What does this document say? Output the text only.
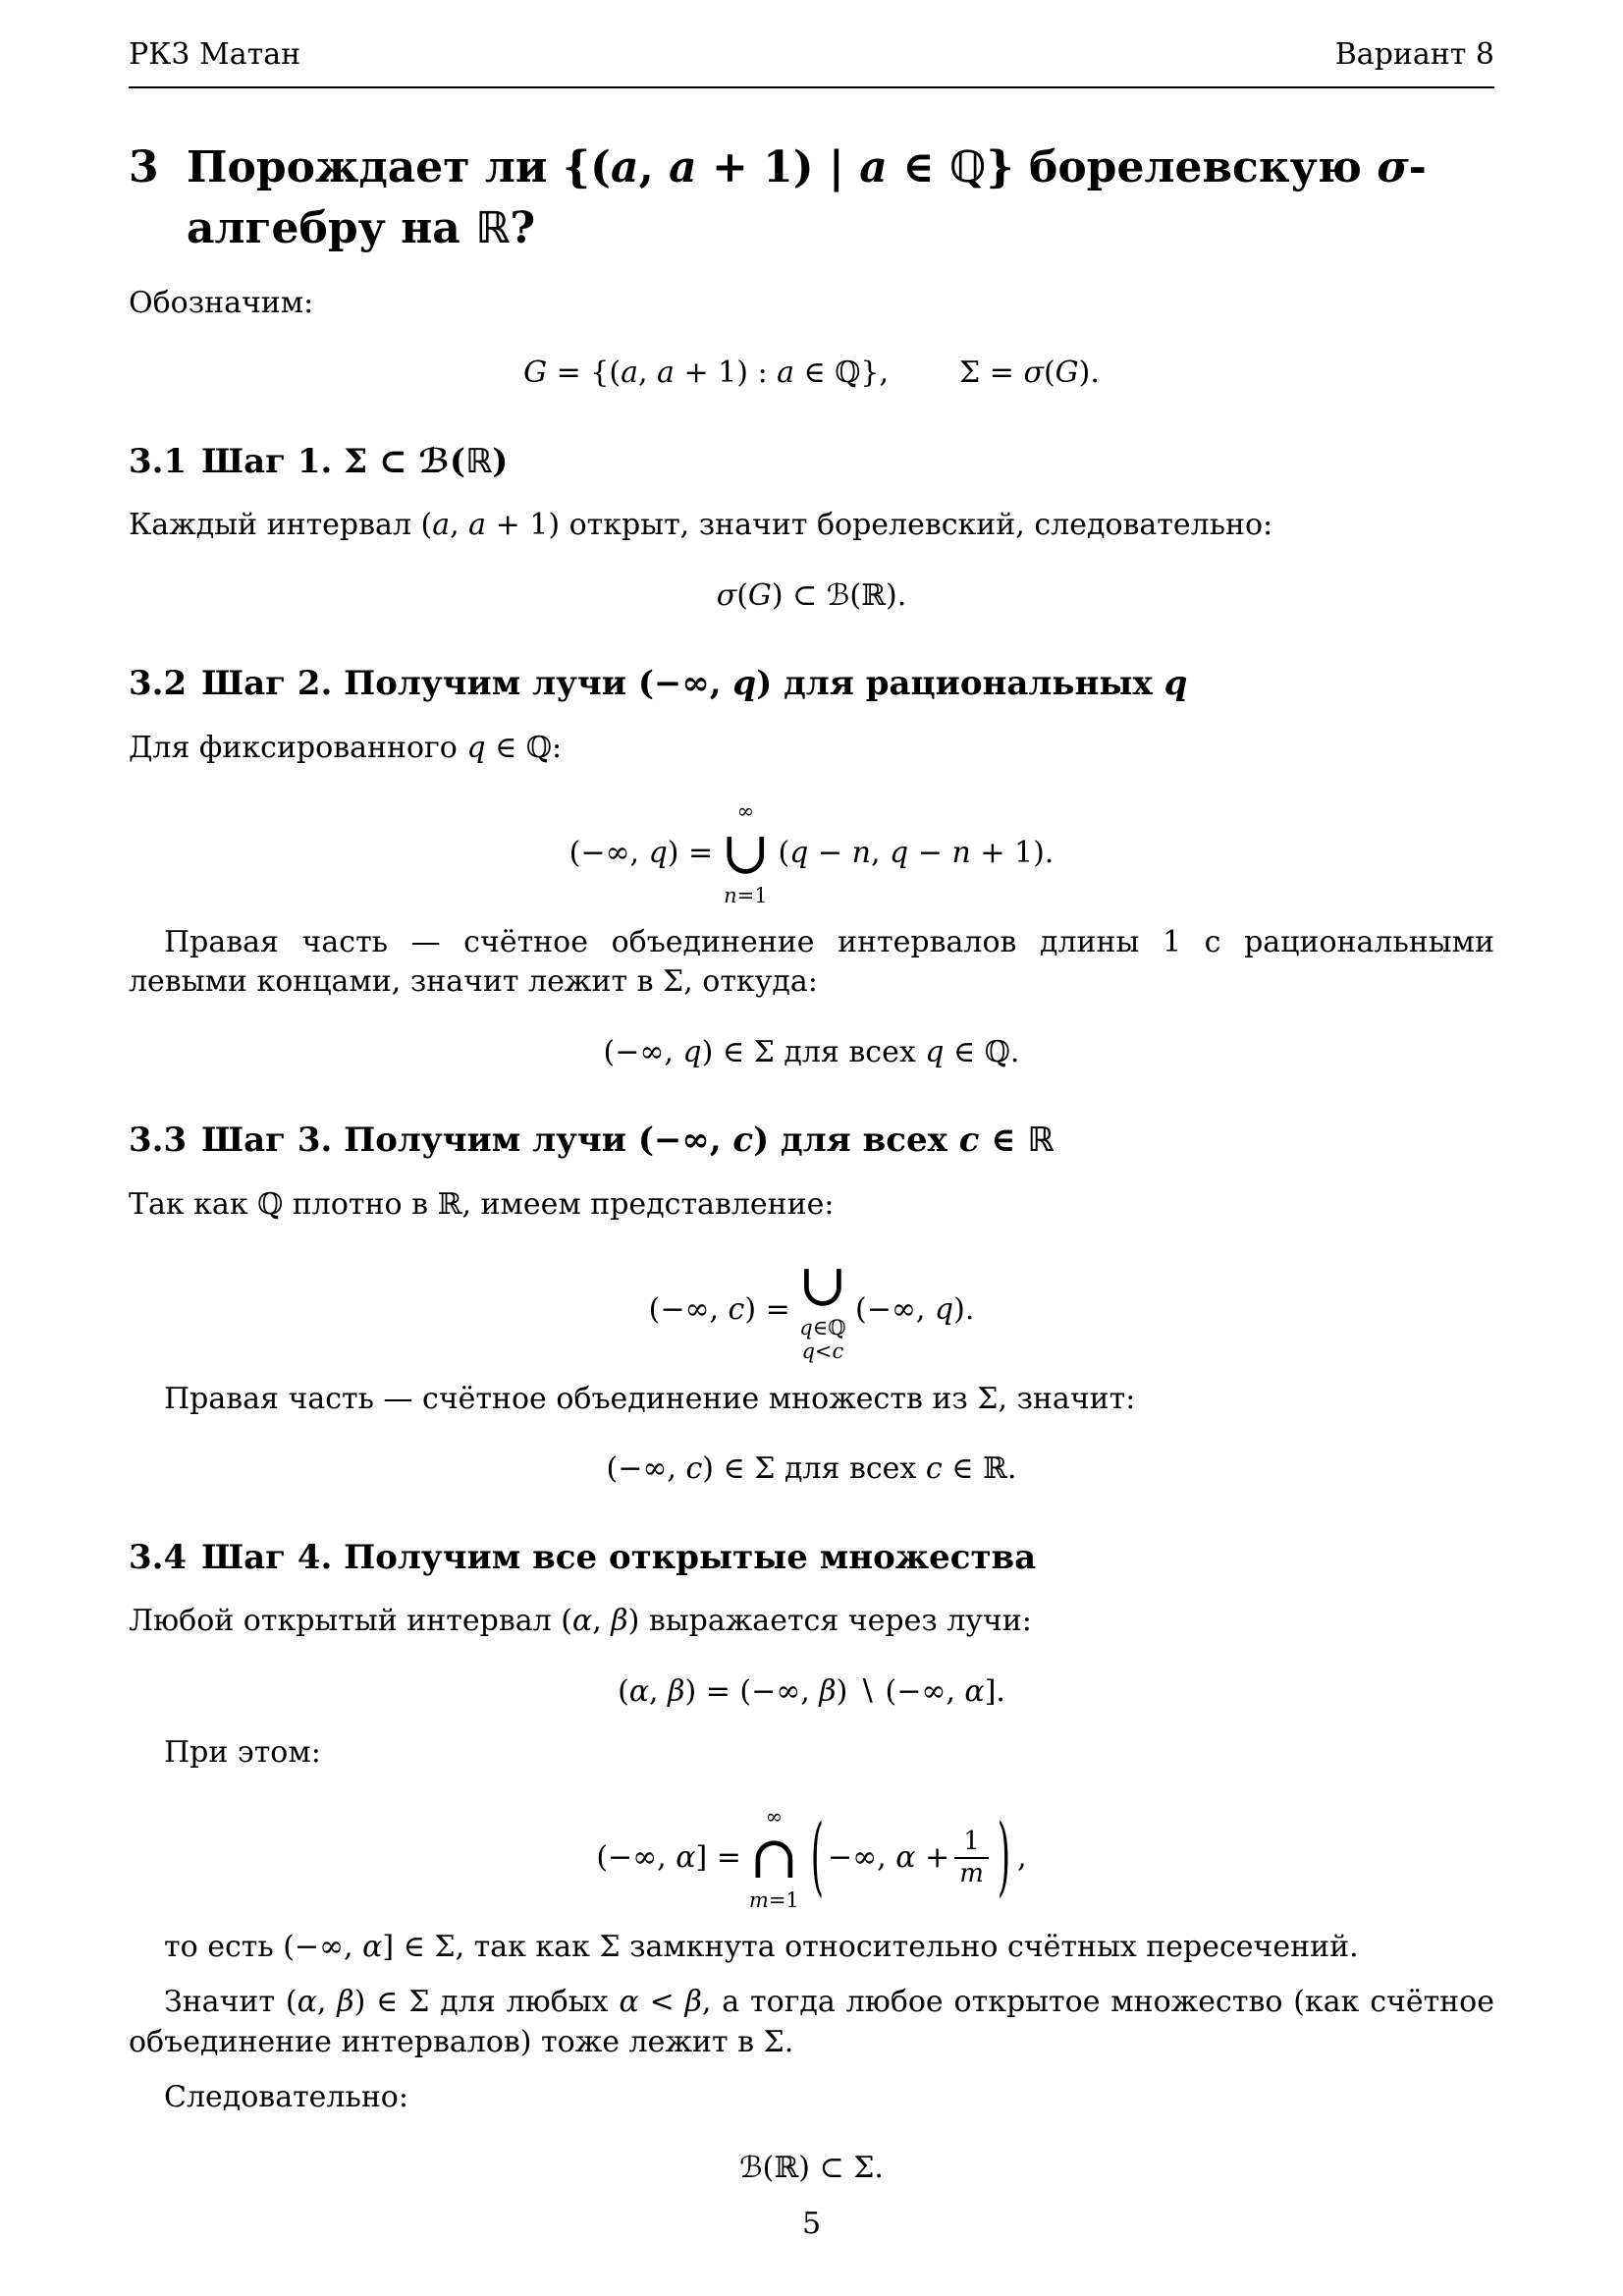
РК3 Матан	Вариант 8
3 Порождает ли {(a, a + 1) | a ∈ ℚ} борелевскую σ-
алгебру на ℝ?

Обозначим:

G = {(a, a + 1) : a ∈ ℚ}, Σ = σ(G).
3.1 Шаг 1. Σ ⊂ ℬ(ℝ)

Каждый интервал (a, a + 1) открыт, значит борелевский, следовательно:

σ(G) ⊂ ℬ(ℝ).
3.2 Шаг 2. Получим лучи (−∞, q) для рациональных q

Для фиксированного q ∈ ℚ:

(−∞, q) =
∞
∪
n=1
(q − n, q − n + 1).

Правая часть — счётное объединение интервалов длины 1 с рациональными левыми концами, значит лежит в Σ, откуда:

(−∞, q) ∈ Σ для всех q ∈ ℚ.
3.3 Шаг 3. Получим лучи (−∞, c) для всех c ∈ ℝ

Так как ℚ плотно в ℝ, имеем представление:

(−∞, c) = ∪
q∈ℚ
q<c
(−∞, q).

Правая часть — счётное объединение множеств из Σ, значит:

(−∞, c) ∈ Σ для всех c ∈ ℝ.
3.4 Шаг 4. Получим все открытые множества

Любой открытый интервал (α, β) выражается через лучи:

(α, β) = (−∞, β) ∖ (−∞, α].

При этом:

(−∞, α] =
∞
∩
m=1 ( −∞, $\alpha + \frac{1}{m}$ ) ,

то есть (−∞, α] ∈ Σ, так как Σ замкнута относительно счётных пересечений.

Значит (α, β) ∈ Σ для любых α < β, а тогда любое открытое множество (как счётное объединение интервалов) тоже лежит в Σ.

Следовательно:

ℬ(ℝ) ⊂ Σ.
5
